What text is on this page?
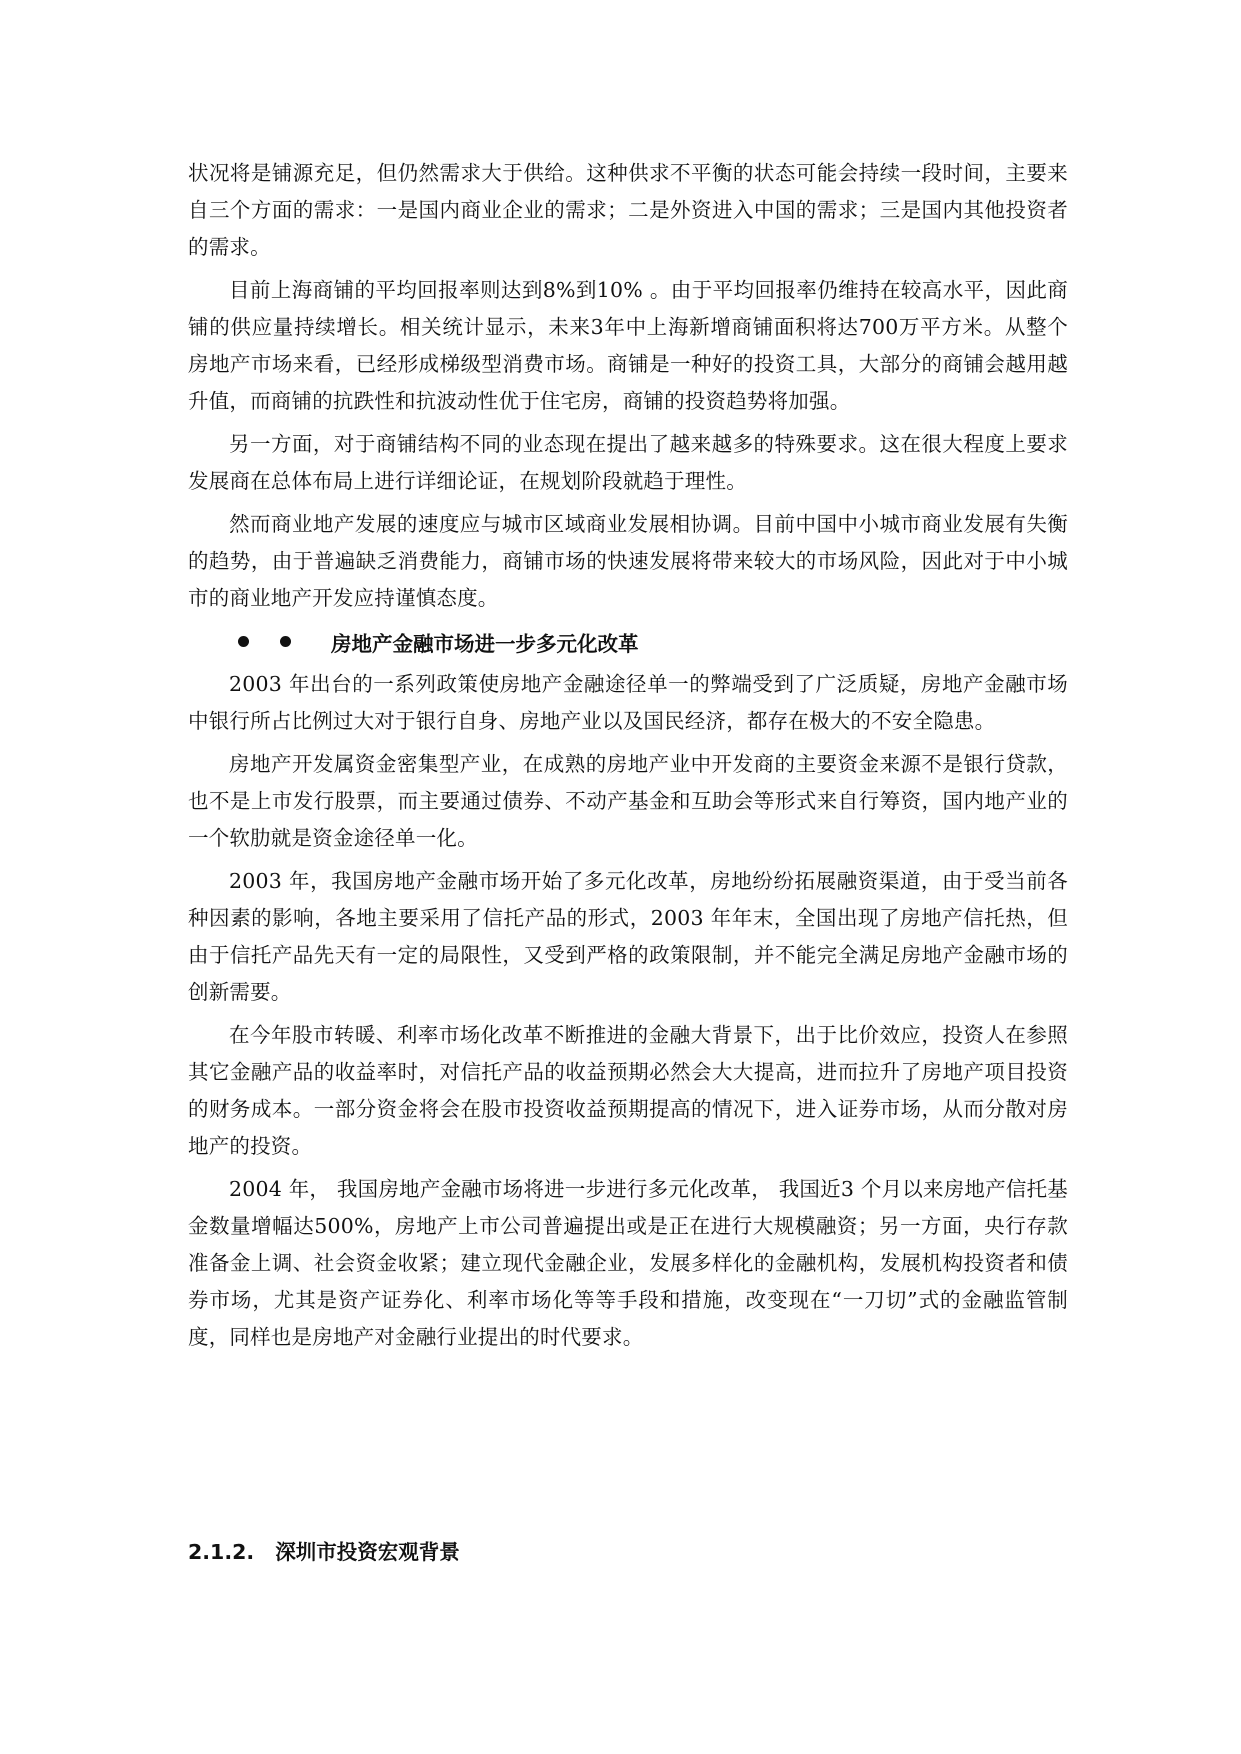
状况将是铺源充足，但仍然需求大于供给。这种供求不平衡的状态可能会持续一段时间，主要来自三个方面的需求：一是国内商业企业的需求；二是外资进入中国的需求；三是国内其他投资者的需求。

目前上海商铺的平均回报率则达到8%到10% 。由于平均回报率仍维持在较高水平，因此商铺的供应量持续增长。相关统计显示，未来3年中上海新增商铺面积将达700万平方米。从整个房地产市场来看，已经形成梯级型消费市场。商铺是一种好的投资工具，大部分的商铺会越用越升值，而商铺的抗跌性和抗波动性优于住宅房，商铺的投资趋势将加强。

另一方面，对于商铺结构不同的业态现在提出了越来越多的特殊要求。这在很大程度上要求发展商在总体布局上进行详细论证，在规划阶段就趋于理性。

然而商业地产发展的速度应与城市区域商业发展相协调。目前中国中小城市商业发展有失衡的趋势，由于普遍缺乏消费能力，商铺市场的快速发展将带来较大的市场风险，因此对于中小城市的商业地产开发应持谨慎态度。

房地产金融市场进一步多元化改革

2003 年出台的一系列政策使房地产金融途径单一的弊端受到了广泛质疑，房地产金融市场中银行所占比例过大对于银行自身、房地产业以及国民经济，都存在极大的不安全隐患。

房地产开发属资金密集型产业，在成熟的房地产业中开发商的主要资金来源不是银行贷款，也不是上市发行股票，而主要通过债券、不动产基金和互助会等形式来自行筹资，国内地产业的一个软肋就是资金途径单一化。

2003 年，我国房地产金融市场开始了多元化改革，房地纷纷拓展融资渠道，由于受当前各种因素的影响，各地主要采用了信托产品的形式，2003 年年末，全国出现了房地产信托热，但由于信托产品先天有一定的局限性，又受到严格的政策限制，并不能完全满足房地产金融市场的创新需要。

在今年股市转暖、利率市场化改革不断推进的金融大背景下，出于比价效应，投资人在参照其它金融产品的收益率时，对信托产品的收益预期必然会大大提高，进而拉升了房地产项目投资的财务成本。一部分资金将会在股市投资收益预期提高的情况下，进入证券市场，从而分散对房地产的投资。

2004 年， 我国房地产金融市场将进一步进行多元化改革， 我国近3 个月以来房地产信托基金数量增幅达500%，房地产上市公司普遍提出或是正在进行大规模融资；另一方面，央行存款准备金上调、社会资金收紧；建立现代金融企业，发展多样化的金融机构，发展机构投资者和债券市场，尤其是资产证券化、利率市场化等等手段和措施，改变现在“一刀切”式的金融监管制度，同样也是房地产对金融行业提出的时代要求。

2.1.2. 深圳市投资宏观背景
